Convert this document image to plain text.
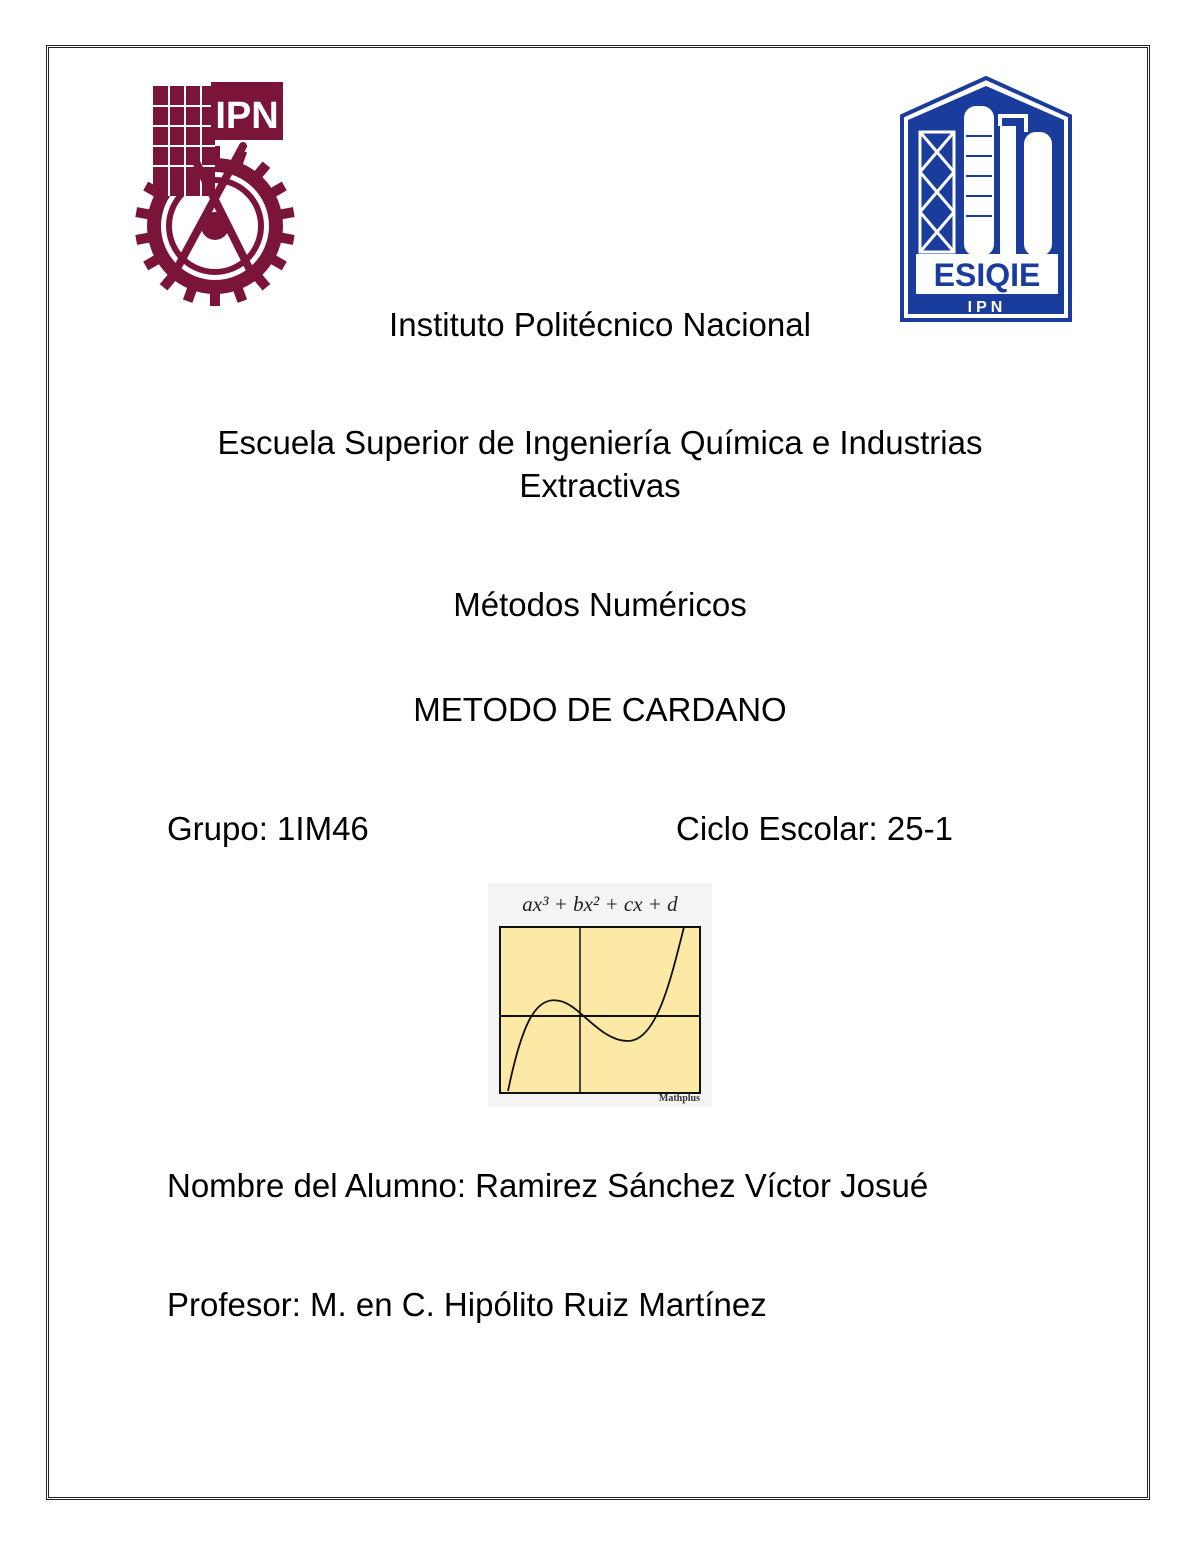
IPN
ESIQIE
IPN
Instituto Politécnico Nacional
Escuela Superior de Ingeniería Química e Industrias
Extractivas
Métodos Numéricos
METODO DE CARDANO
Grupo: 1IM46	Ciclo Escolar: 25-1
ax³ + bx² + cx + d
Mathplus
Nombre del Alumno: Ramirez Sánchez Víctor Josué
Profesor: M. en C. Hipólito Ruiz Martínez
